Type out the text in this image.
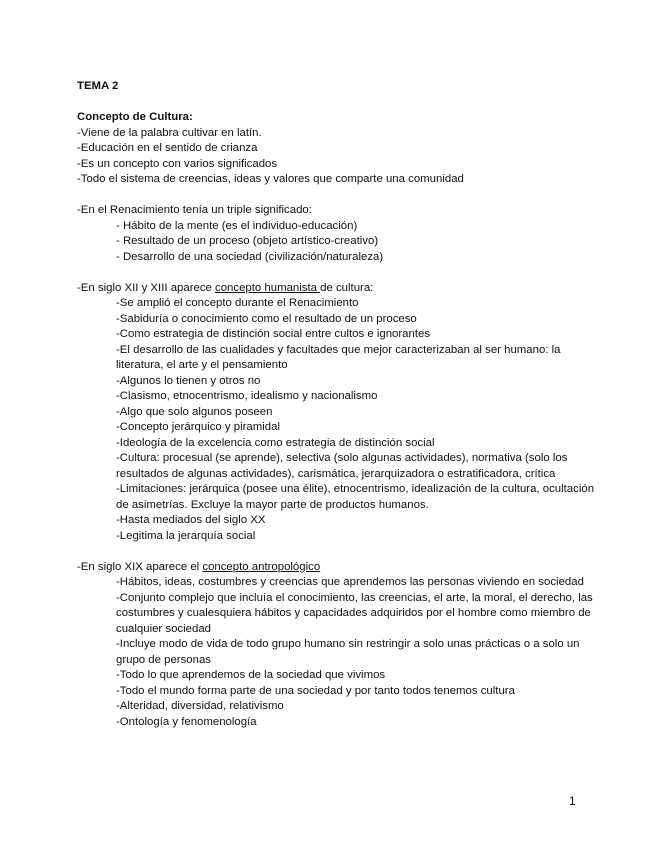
TEMA 2
Concepto de Cultura:
-Viene de la palabra cultivar en latín.
-Educación en el sentido de crianza
-Es un concepto con varios significados
-Todo el sistema de creencias, ideas y valores que comparte una comunidad
-En el Renacimiento tenía un triple significado:
- Hábito de la mente (es el individuo-educación)
- Resultado de un proceso (objeto artístico-creativo)
- Desarrollo de una sociedad (civilización/naturaleza)
-En siglo XII y XIII aparece concepto humanista de cultura:
-Se amplió el concepto durante el Renacimiento
-Sabiduría o conocimiento como el resultado de un proceso
-Como estrategia de distinción social entre cultos e ignorantes
-El desarrollo de las cualidades y facultades que mejor caracterizaban al ser humano: la literatura, el arte y el pensamiento
-Algunos lo tienen y otros no
-Clasismo, etnocentrismo, idealismo y nacionalismo
-Algo que solo algunos poseen
-Concepto jerárquico y piramidal
-Ideología de la excelencia como estrategia de distinción social
-Cultura: procesual (se aprende), selectiva (solo algunas actividades), normativa (solo los resultados de algunas actividades), carismática, jerarquizadora o estratificadora, crítica
-Limitaciones: jerárquica (posee una élite), etnocentrismo, idealización de la cultura, ocultación de asimetrías. Excluye la mayor parte de productos humanos.
-Hasta mediados del siglo XX
-Legitima la jerarquía social
-En siglo XIX aparece el concepto antropológico
-Hábitos, ideas, costumbres y creencias que aprendemos las personas viviendo en sociedad
-Conjunto complejo que incluía el conocimiento, las creencias, el arte, la moral, el derecho, las costumbres y cualesquiera hábitos y capacidades adquiridos por el hombre como miembro de cualquier sociedad
-Incluye modo de vida de todo grupo humano sin restringir a solo unas prácticas o a solo un grupo de personas
-Todo lo que aprendemos de la sociedad que vivimos
-Todo el mundo forma parte de una sociedad y por tanto todos tenemos cultura
-Alteridad, diversidad, relativismo
-Ontología y fenomenología
1
